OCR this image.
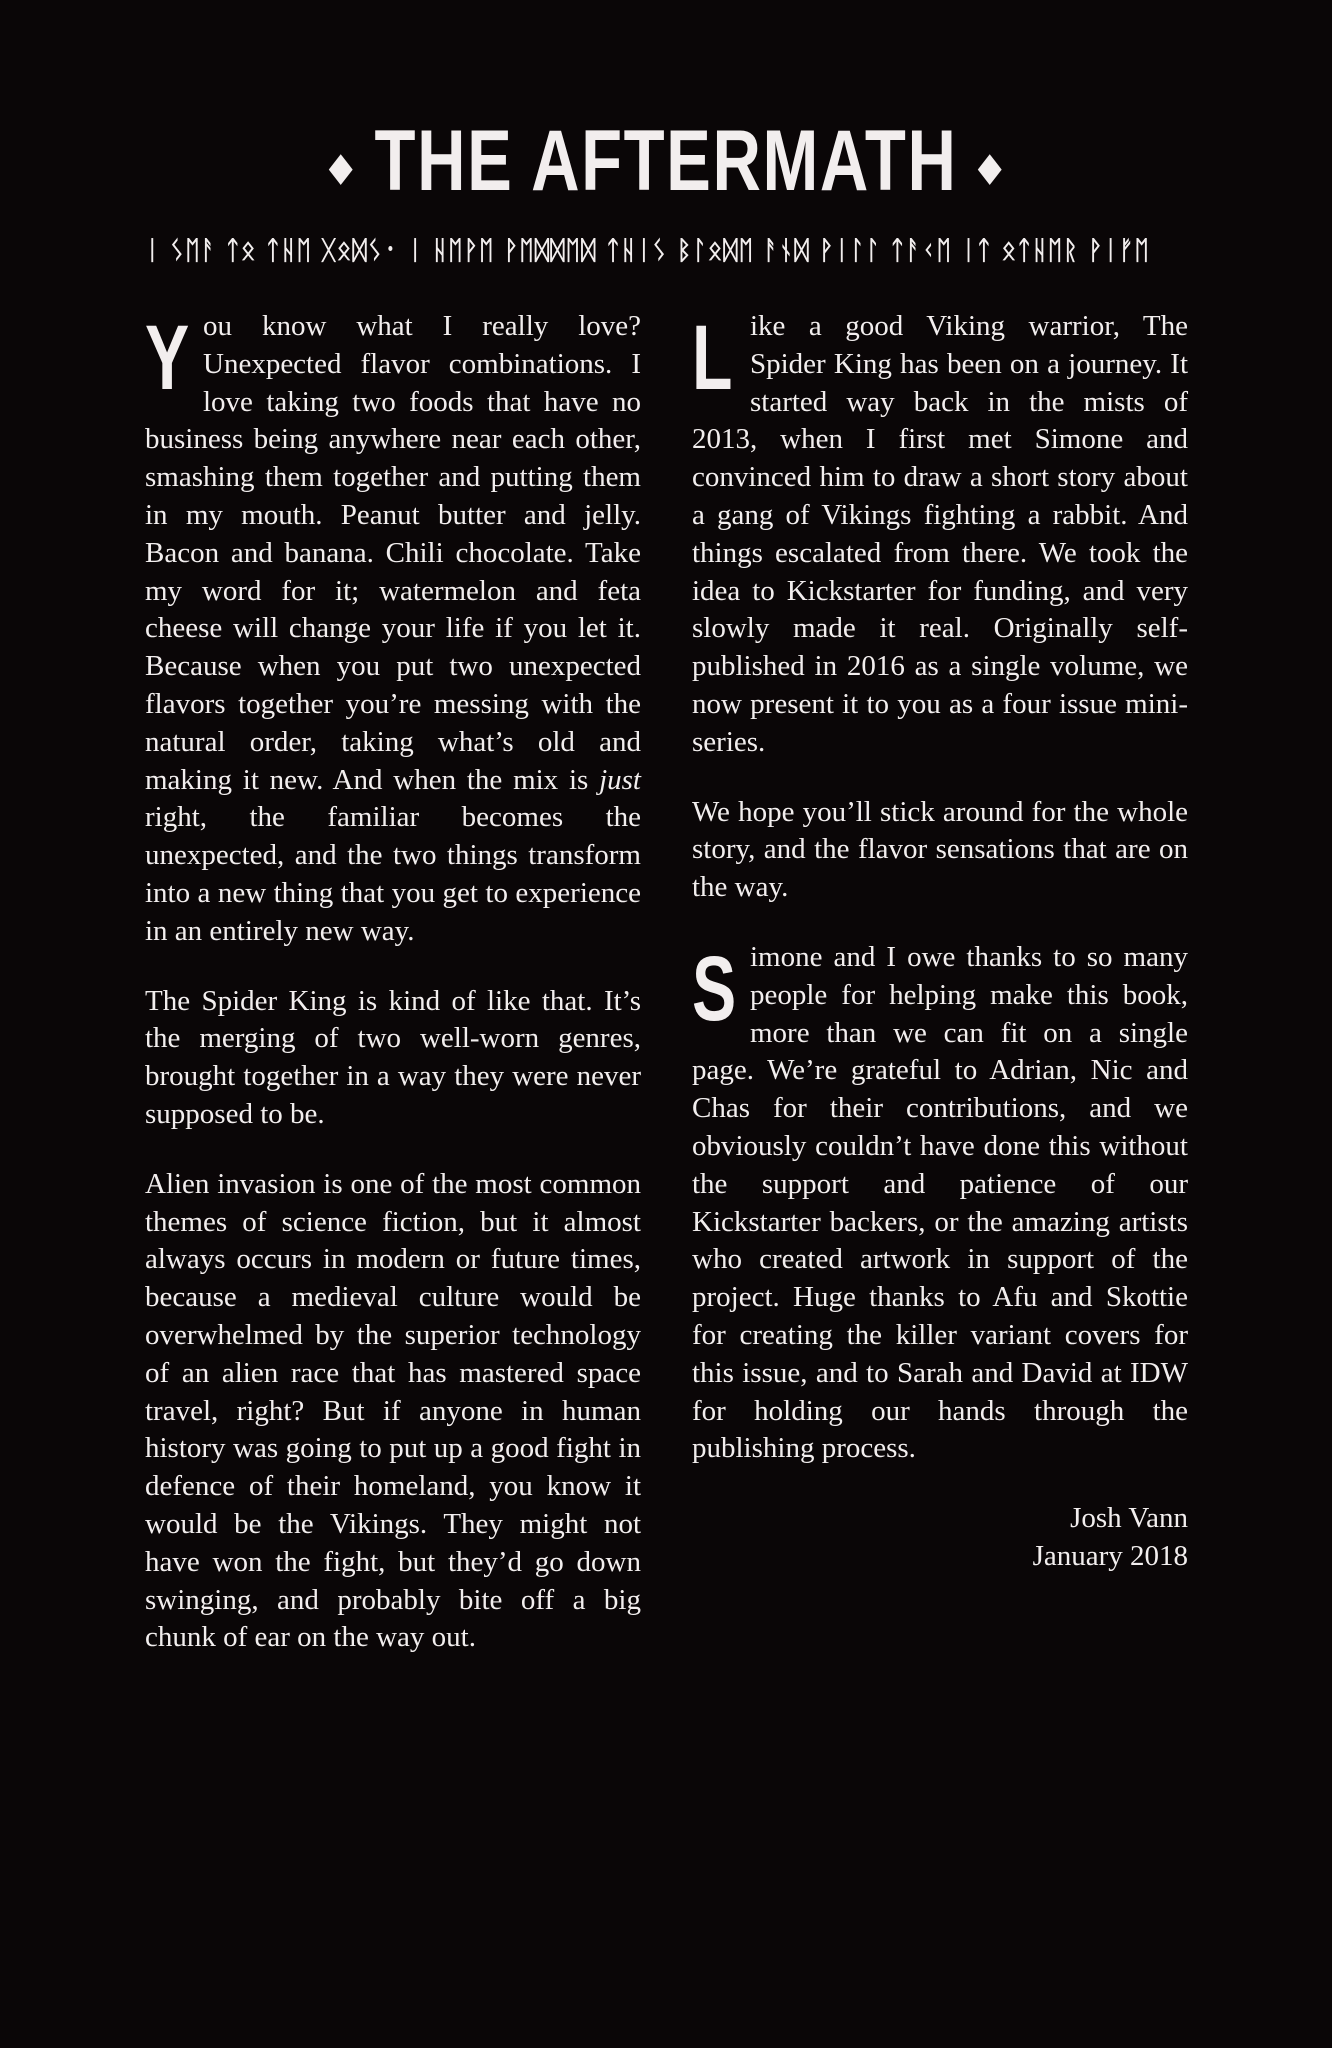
◆ THE AFTERMATH ◆
ᛁ ᛊᛖᚨ ᛏᛟ ᛏᚺᛖ ᚷᛟᛞᛊ᛫ ᛁ ᚺᛖᚹᛖ ᚹᛖᛞᛞᛖᛞ ᛏᚺᛁᛊ ᛒᛚᛟᛞᛖ ᚨᚾᛞ ᚹᛁᛚᛚ ᛏᚨᚲᛖ ᛁᛏ ᛟᛏᚺᛖᚱ ᚹᛁᚠᛖ

You know what I really love? Unexpected flavor combinations. I love taking two foods that have no business being anywhere near each other, smashing them together and putting them in my mouth. Peanut butter and jelly. Bacon and banana. Chili chocolate. Take my word for it; watermelon and feta cheese will change your life if you let it. Because when you put two unexpected flavors together you’re messing with the natural order, taking what’s old and making it new. And when the mix is just right, the familiar becomes the unexpected, and the two things transform into a new thing that you get to experience in an entirely new way.

The Spider King is kind of like that. It’s the merging of two well-worn genres, brought together in a way they were never supposed to be.

Alien invasion is one of the most common themes of science fiction, but it almost always occurs in modern or future times, because a medieval culture would be overwhelmed by the superior technology of an alien race that has mastered space travel, right? But if anyone in human history was going to put up a good fight in defence of their homeland, you know it would be the Vikings. They might not have won the fight, but they’d go down swinging, and probably bite off a big chunk of ear on the way out.

Like a good Viking warrior, The Spider King has been on a journey. It started way back in the mists of 2013, when I first met Simone and convinced him to draw a short story about a gang of Vikings fighting a rabbit. And things escalated from there. We took the idea to Kickstarter for funding, and very slowly made it real. Originally self-published in 2016 as a single volume, we now present it to you as a four issue mini-series.

We hope you’ll stick around for the whole story, and the flavor sensations that are on the way.

Simone and I owe thanks to so many people for helping make this book, more than we can fit on a single page. We’re grateful to Adrian, Nic and Chas for their contributions, and we obviously couldn’t have done this without the support and patience of our Kickstarter backers, or the amazing artists who created artwork in support of the project. Huge thanks to Afu and Skottie for creating the killer variant covers for this issue, and to Sarah and David at IDW for holding our hands through the publishing process.

Josh Vann
January 2018
